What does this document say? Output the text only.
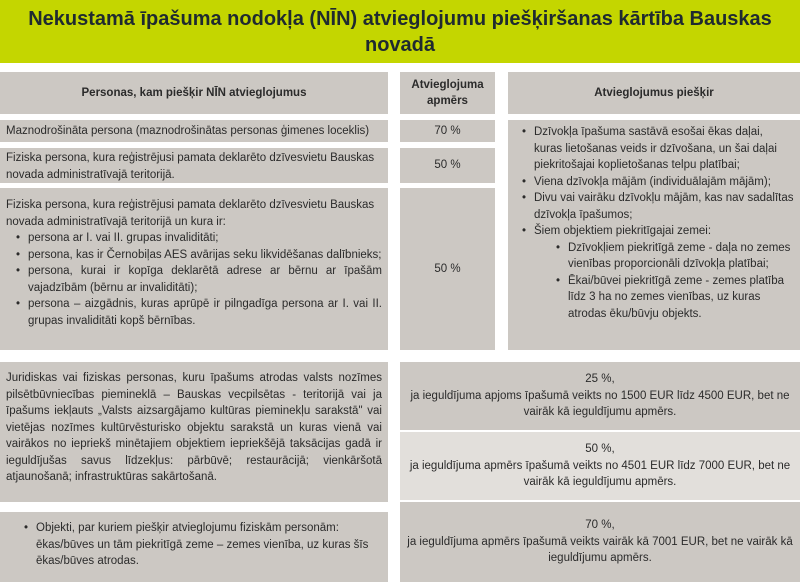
Nekustamā īpašuma nodokļa (NĪN) atvieglojumu piešķiršanas kārtība Bauskas novadā
Personas, kam piešķir NĪN atvieglojumus
Atvieglojuma
apmērs
Atvieglojumus piešķir
Maznodrošināta persona (maznodrošinātas personas ģimenes loceklis)	70 %
Fiziska persona, kura reģistrējusi pamata deklarēto dzīvesvietu Bauskas novada administratīvajā teritorijā.
50 %
Fiziska persona, kura reģistrējusi pamata deklarēto dzīvesvietu Bauskas novada administratīvajā teritorijā un kura ir:
• persona ar I. vai II. grupas invaliditāti;
• persona, kas ir Černobiļas AES avārijas seku likvidēšanas dalībnieks;
• persona, kurai ir kopīga deklarētā adrese ar bērnu ar īpašām vajadzībām (bērnu ar invaliditāti);
• persona – aizgādnis, kuras aprūpē ir pilngadīga persona ar I. vai II. grupas invaliditāti kopš bērnības.
50 %
• Dzīvokļa īpašuma sastāvā esošai ēkas daļai, kuras lietošanas veids ir dzīvošana, un šai daļai piekritošajai koplietošanas telpu platībai;
• Viena dzīvokļa mājām (individuālajām mājām);
• Divu vai vairāku dzīvokļu mājām, kas nav sadalītas dzīvokļa īpašumos;
• Šiem objektiem piekritīgajai zemei:
• Dzīvokļiem piekritīgā zeme - daļa no zemes vienības proporcionāli dzīvokļa platībai;
• Ēkai/būvei piekritīgā zeme - zemes platība līdz 3 ha no zemes vienības, uz kuras atrodas ēku/būvju objekts.
Juridiskas vai fiziskas personas, kuru īpašums atrodas valsts nozīmes pilsētbūvniecības piemineklā – Bauskas vecpilsētas - teritorijā vai ja īpašums iekļauts „Valsts aizsargājamo kultūras pieminekļu sarakstā" vai vietējas nozīmes kultūrvēsturisko objektu sarakstā un kuras vienā vai vairākos no iepriekš minētajiem objektiem iepriekšējā taksācijas gadā ir ieguldījušas savus līdzekļus: pārbūvē; restaurācijā; vienkāršotā atjaunošanā; infrastruktūras sakārtošanā.
• Objekti, par kuriem piešķir atvieglojumu fiziskām personām: ēkas/būves un tām piekritīgā zeme – zemes vienība, uz kuras šīs ēkas/būves atrodas.
25 %,
ja ieguldījuma apjoms īpašumā veikts no 1500 EUR līdz 4500 EUR, bet ne vairāk kā ieguldījumu apmērs.
50 %,
ja ieguldījuma apmērs īpašumā veikts no 4501 EUR līdz 7000 EUR, bet ne vairāk kā ieguldījumu apmērs.
70 %,
ja ieguldījuma apmērs īpašumā veikts vairāk kā 7001 EUR, bet ne vairāk kā ieguldījumu apmērs.
